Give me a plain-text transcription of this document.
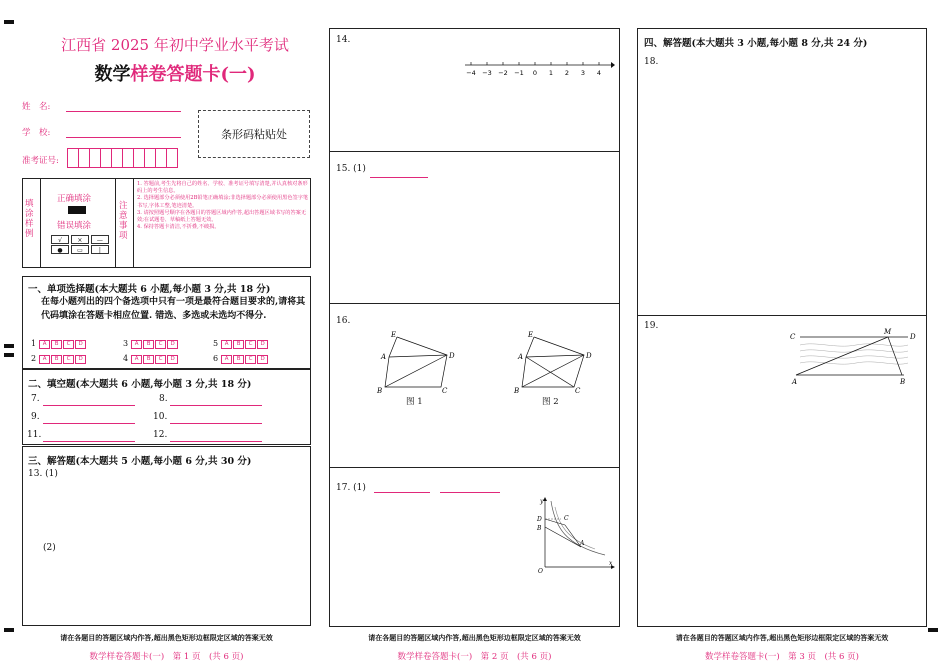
江西省 2025 年初中学业水平考试
数学样卷答题卡(一)
姓　名:
学　校:
准考证号:
条形码粘贴处
填涂样例
正确填涂
错误填涂
√	× — ● ▭	|
注意事项
1. 答题前,考生先将自己的姓名、学校、准考证号填写清楚,并认真核对条形码上的考生信息。
2. 选择题部分必须使用2B铅笔正确填涂;非选择题部分必须使用黑色签字笔书写,字体工整,笔迹清楚。
3. 请按照题号顺序在各题目的答题区域内作答,超出答题区域书写的答案无效;在试题卷、草稿纸上答题无效。
4. 保持答题卡清洁,不折叠,不破损。
一、单项选择题(本大题共 6 小题,每小题 3 分,共 18 分)
在每小题列出的四个备选项中只有一项是最符合题目要求的,请将其代码填涂在答题卡相应位置. 错选、多选或未选均不得分.
1 A B C D
2 A B C D
3 A B C D
4 A B C D
5 A B C D
6 A B C D
二、填空题(本大题共 6 小题,每小题 3 分,共 18 分)
7.	8.
9.	10.
11.	12.
三、解答题(本大题共 5 小题,每小题 6 分,共 30 分)
13. (1)
(2)
请在各题目的答题区域内作答,超出黑色矩形边框限定区域的答案无效
数学样卷答题卡(一)　第 1 页　(共 6 页)
14.
−4 −3 −2 −1 0 1 2 3 4
15. (1)
16.
E
A	D
B	C
图 1
E
A	D
B	C
图 2
17. (1)
y
x
O
D
B
C
A
请在各题目的答题区域内作答,超出黑色矩形边框限定区域的答案无效
数学样卷答题卡(一)　第 2 页　(共 6 页)
四、解答题(本大题共 3 小题,每小题 8 分,共 24 分)
18.
19.
C
M
D
A	B
请在各题目的答题区域内作答,超出黑色矩形边框限定区域的答案无效
数学样卷答题卡(一)　第 3 页　(共 6 页)
